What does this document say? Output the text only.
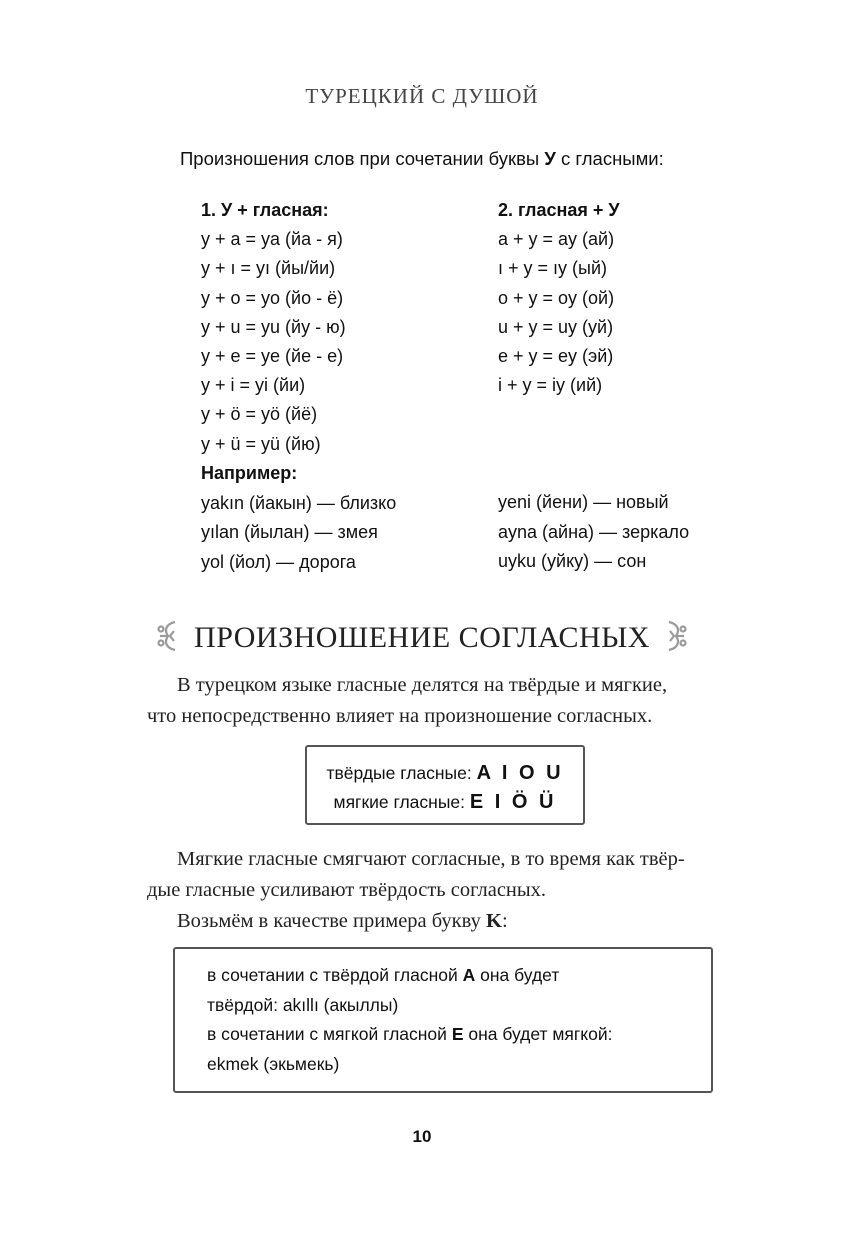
ТУРЕЦКИЙ С ДУШОЙ
Произношения слов при сочетании буквы У с гласными:
1. У + гласная:
y + a = ya (йа - я)
y + ı = yı (йы/йи)
y + o = yo (йо - ё)
y + u = yu (йу - ю)
y + e = ye (йе - е)
y + i = yi (йи)
y + ö = yö (йё)
y + ü = yü (йю)
2. гласная + У
a + y = ay (ай)
ı + y = ıy (ый)
o + y = oy (ой)
u + y = uy (уй)
e + y = ey (эй)
i + y = iy (ий)
Например:
yakın (йакын) — близко
yılan (йылан) — змея
yol (йол) — дорога
yeni (йени) — новый
ayna (айна) — зеркало
uyku (уйку) — сон
ПРОИЗНОШЕНИЕ СОГЛАСНЫХ
В турецком языке гласные делятся на твёрдые и мягкие,
что непосредственно влияет на произношение согласных.
твёрдые гласные: A I O U
мягкие гласные: E I Ö Ü
Мягкие гласные смягчают согласные, в то время как твёр-
дые гласные усиливают твёрдость согласных.
Возьмём в качестве примера букву K:
в сочетании с твёрдой гласной A она будет
твёрдой: akıllı (акыллы)
в сочетании с мягкой гласной E она будет мягкой:
ekmek (экьмекь)
10
